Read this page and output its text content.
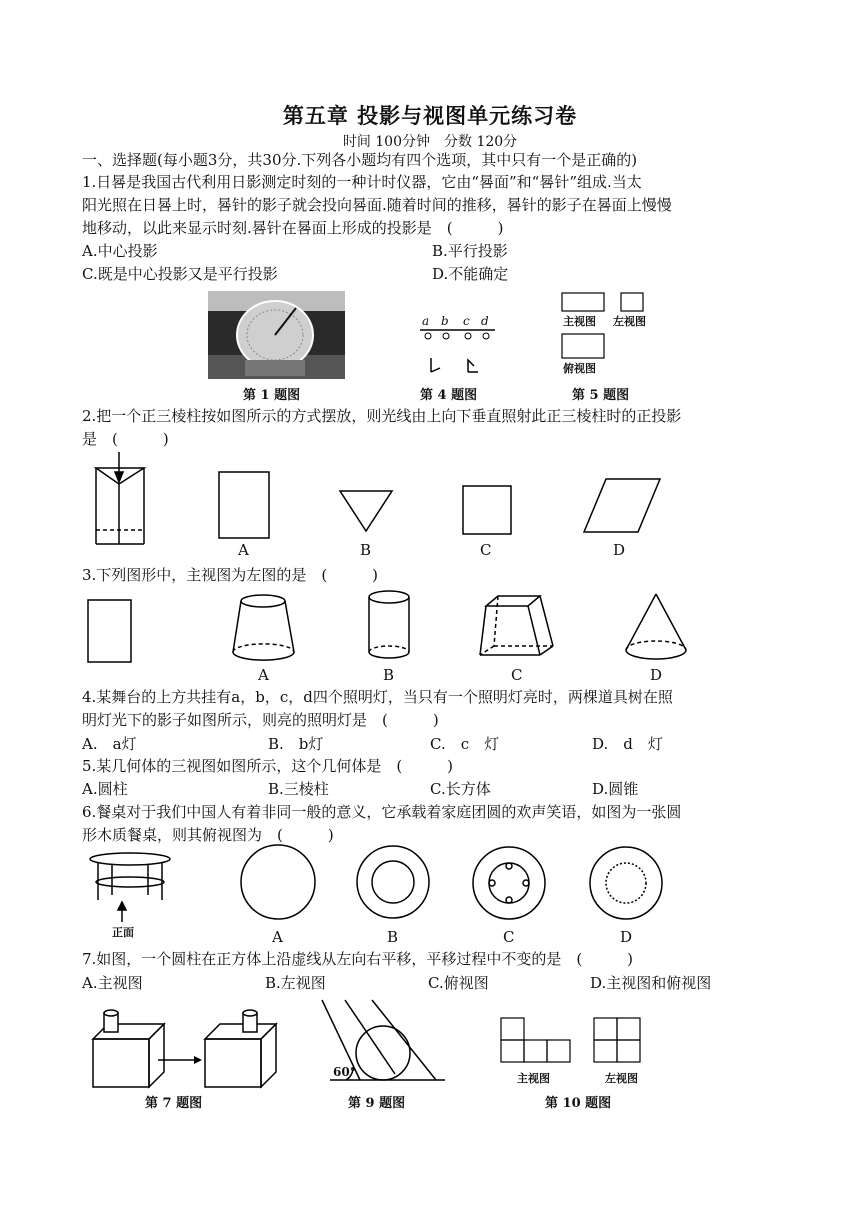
第五章 投影与视图单元练习卷
时间 100分钟　分数 120分
一、选择题(每小题3分，共30分.下列各小题均有四个选项，其中只有一个是正确的)
1.日晷是我国古代利用日影测定时刻的一种计时仪器，它由“晷面”和“晷针”组成.当太
阳光照在日晷上时，晷针的影子就会投向晷面.随着时间的推移，晷针的影子在晷面上慢慢
地移动，以此来显示时刻.晷针在晷面上形成的投影是　(　　　)
A.中心投影	B.平行投影
C.既是中心投影又是平行投影	D.不能确定
第 1 题图	第 4 题图	第 5 题图
a b c d	主视图 左视图
俯视图
2.把一个正三棱柱按如图所示的方式摆放，则光线由上向下垂直照射此正三棱柱时的正投影
是　(　　　)
A	B	C	D
3.下列图形中，主视图为左图的是　(　　　)
A	B	C	D
4.某舞台的上方共挂有a，b，c，d四个照明灯，当只有一个照明灯亮时，两棵道具树在照
明灯光下的影子如图所示，则亮的照明灯是　(　　　)
A.　a灯	B.　b灯	C.　c　灯	D.　d　灯
5.某几何体的三视图如图所示，这个几何体是　(　　　)
A.圆柱	B.三棱柱	C.长方体	D.圆锥
6.餐桌对于我们中国人有着非同一般的意义，它承载着家庭团圆的欢声笑语，如图为一张圆
形木质餐桌，则其俯视图为　(　　　)
正面	A	B	C	D
7.如图，一个圆柱在正方体上沿虚线从左向右平移，平移过程中不变的是　(　　　)
A.主视图	B.左视图	C.俯视图	D.主视图和俯视图
60°	主视图	左视图
第 7 题图	第 9 题图	第 10 题图
